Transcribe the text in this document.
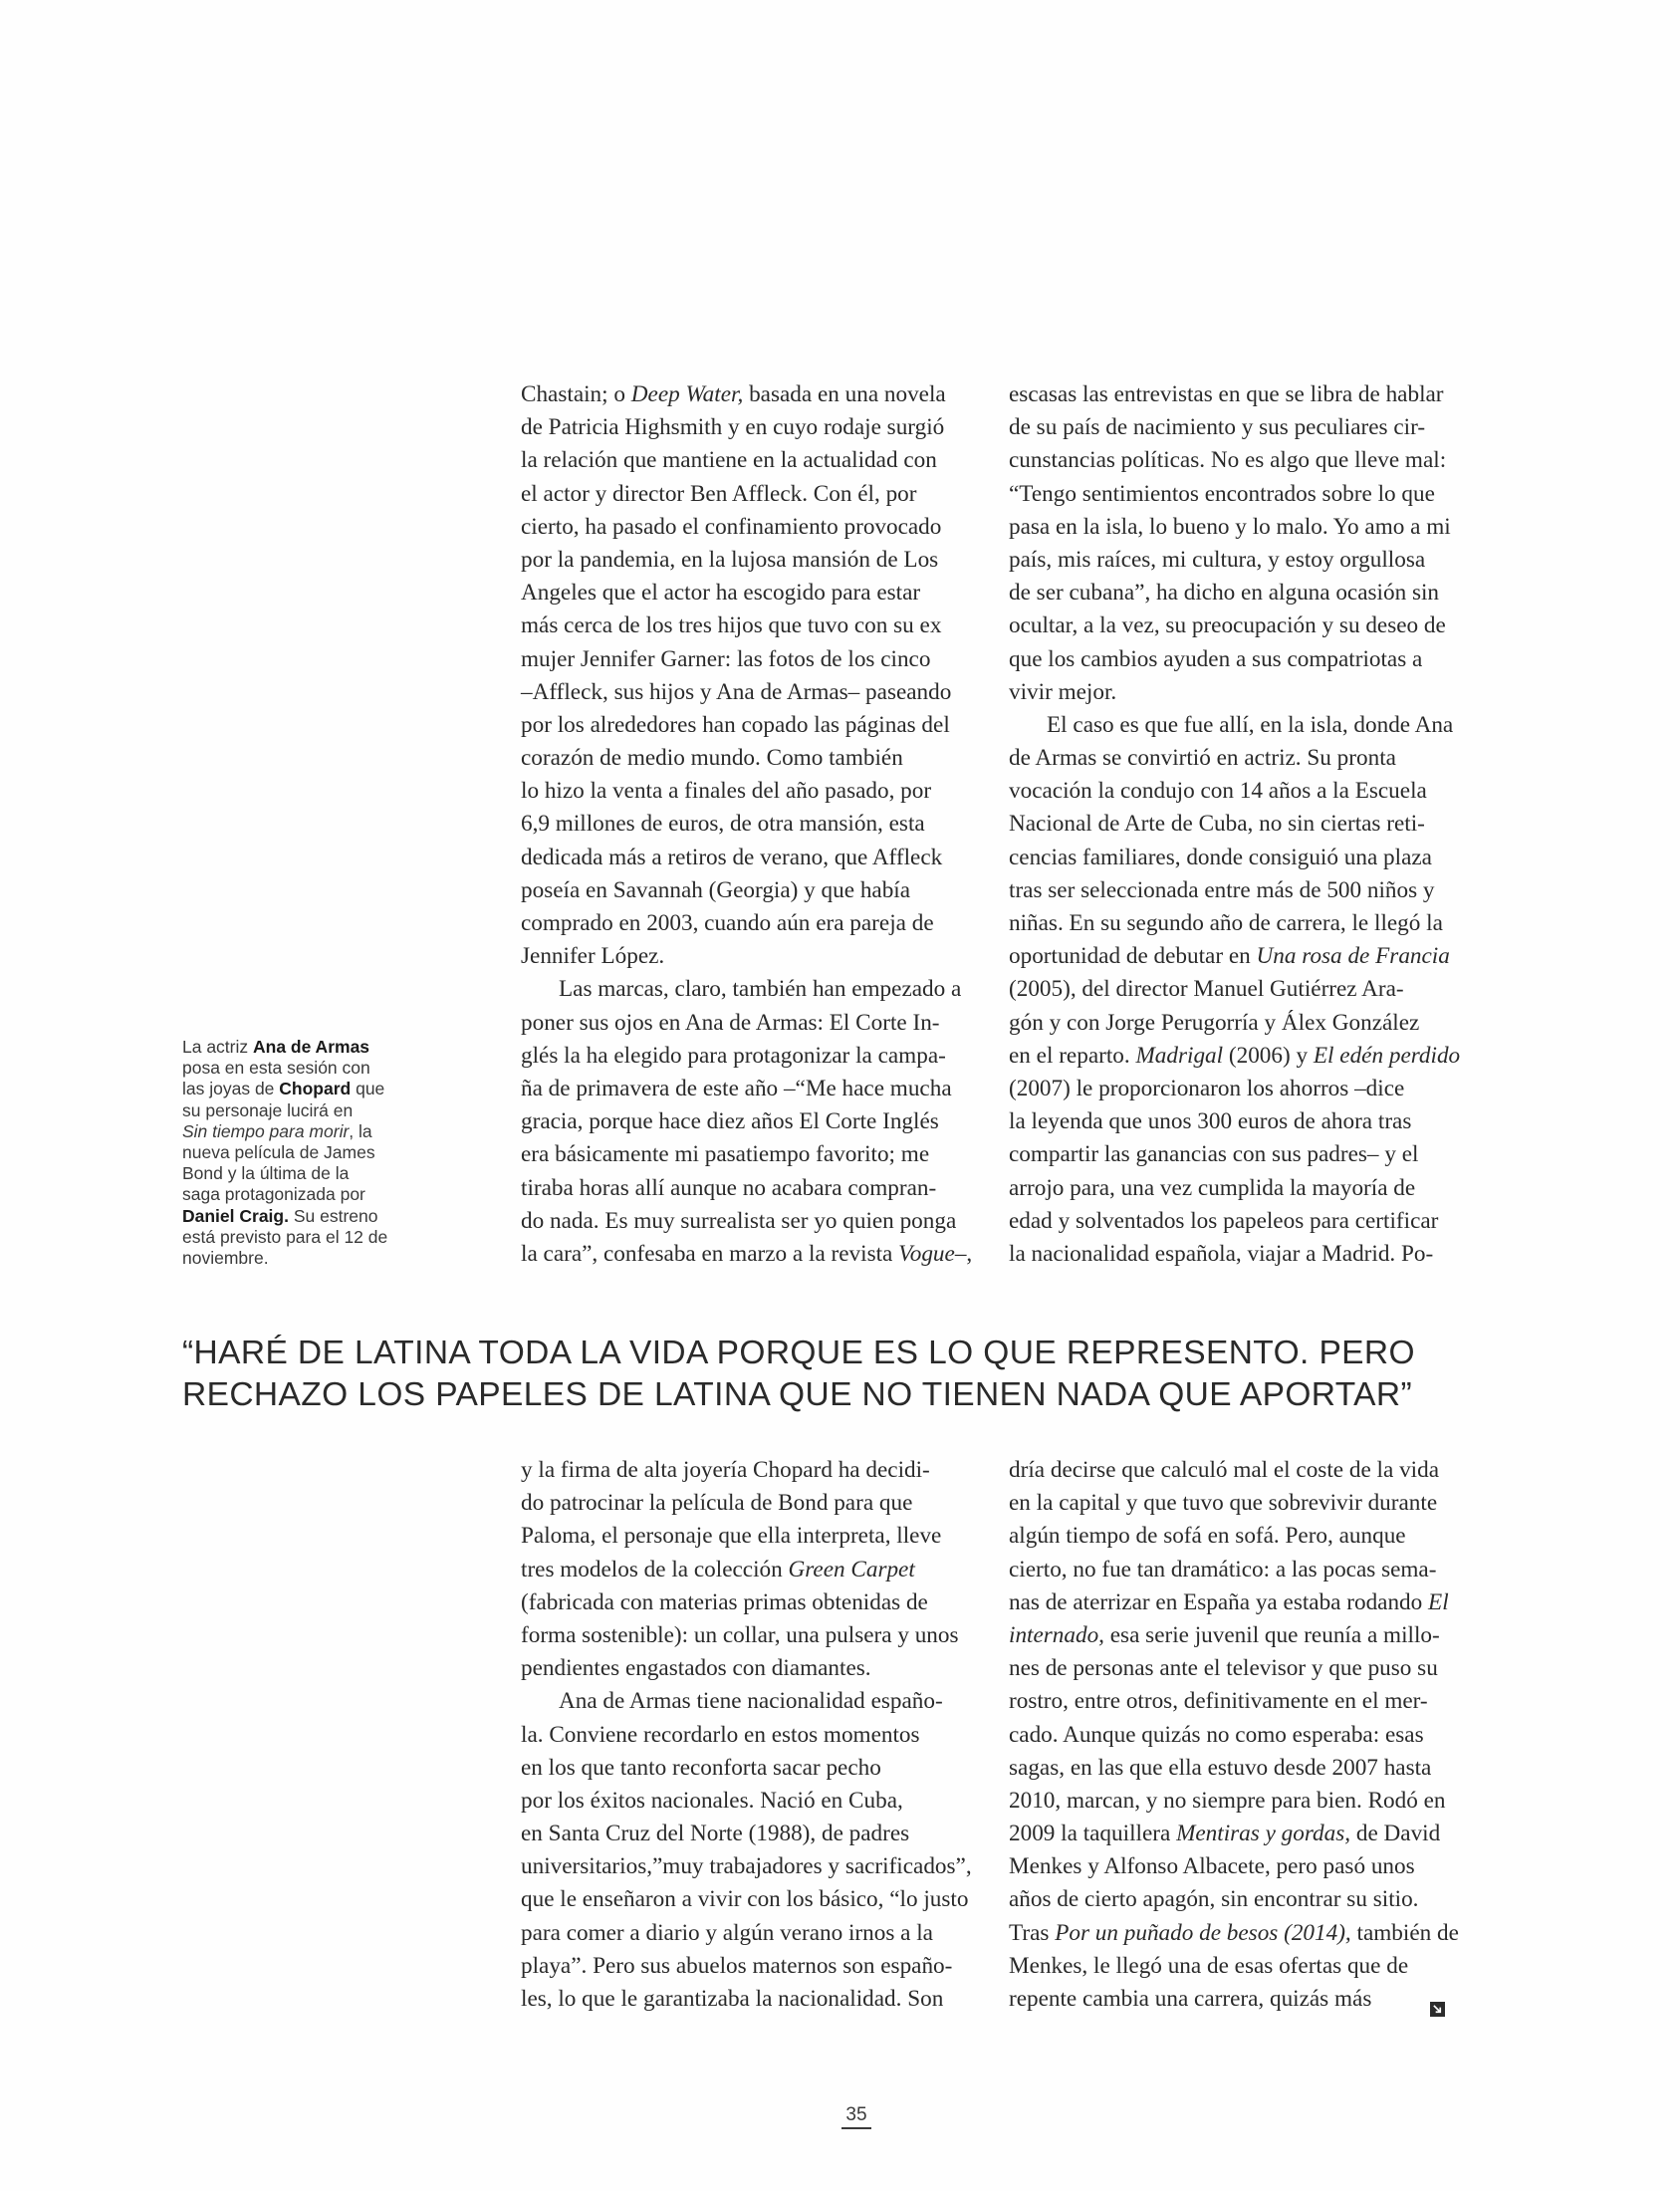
La actriz Ana de Armas
posa en esta sesión con
las joyas de Chopard que
su personaje lucirá en
Sin tiempo para morir, la
nueva película de James
Bond y la última de la
saga protagonizada por
Daniel Craig. Su estreno
está previsto para el 12 de
noviembre.
Chastain; o Deep Water, basada en una novela
de Patricia Highsmith y en cuyo rodaje surgió
la relación que mantiene en la actualidad con
el actor y director Ben Affleck. Con él, por
cierto, ha pasado el confinamiento provocado
por la pandemia, en la lujosa mansión de Los
Angeles que el actor ha escogido para estar
más cerca de los tres hijos que tuvo con su ex
mujer Jennifer Garner: las fotos de los cinco
–Affleck, sus hijos y Ana de Armas– paseando
por los alrededores han copado las páginas del
corazón de medio mundo. Como también
lo hizo la venta a finales del año pasado, por
6,9 millones de euros, de otra mansión, esta
dedicada más a retiros de verano, que Affleck
poseía en Savannah (Georgia) y que había
comprado en 2003, cuando aún era pareja de
Jennifer López.
Las marcas, claro, también han empezado a
poner sus ojos en Ana de Armas: El Corte In-
glés la ha elegido para protagonizar la campa-
ña de primavera de este año –“Me hace mucha
gracia, porque hace diez años El Corte Inglés
era básicamente mi pasatiempo favorito; me
tiraba horas allí aunque no acabara compran-
do nada. Es muy surrealista ser yo quien ponga
la cara”, confesaba en marzo a la revista Vogue–,
escasas las entrevistas en que se libra de hablar
de su país de nacimiento y sus peculiares cir-
cunstancias políticas. No es algo que lleve mal:
“Tengo sentimientos encontrados sobre lo que
pasa en la isla, lo bueno y lo malo. Yo amo a mi
país, mis raíces, mi cultura, y estoy orgullosa
de ser cubana”, ha dicho en alguna ocasión sin
ocultar, a la vez, su preocupación y su deseo de
que los cambios ayuden a sus compatriotas a
vivir mejor.
El caso es que fue allí, en la isla, donde Ana
de Armas se convirtió en actriz. Su pronta
vocación la condujo con 14 años a la Escuela
Nacional de Arte de Cuba, no sin ciertas reti-
cencias familiares, donde consiguió una plaza
tras ser seleccionada entre más de 500 niños y
niñas. En su segundo año de carrera, le llegó la
oportunidad de debutar en Una rosa de Francia
(2005), del director Manuel Gutiérrez Ara-
gón y con Jorge Perugorría y Álex González
en el reparto. Madrigal (2006) y El edén perdido
(2007) le proporcionaron los ahorros –dice
la leyenda que unos 300 euros de ahora tras
compartir las ganancias con sus padres– y el
arrojo para, una vez cumplida la mayoría de
edad y solventados los papeleos para certificar
la nacionalidad española, viajar a Madrid. Po-
“HARÉ DE LATINA TODA LA VIDA PORQUE ES LO QUE REPRESENTO. PERO
RECHAZO LOS PAPELES DE LATINA QUE NO TIENEN NADA QUE APORTAR”
y la firma de alta joyería Chopard ha decidi-
do patrocinar la película de Bond para que
Paloma, el personaje que ella interpreta, lleve
tres modelos de la colección Green Carpet
(fabricada con materias primas obtenidas de
forma sostenible): un collar, una pulsera y unos
pendientes engastados con diamantes.
Ana de Armas tiene nacionalidad españo-
la. Conviene recordarlo en estos momentos
en los que tanto reconforta sacar pecho
por los éxitos nacionales. Nació en Cuba,
en Santa Cruz del Norte (1988), de padres
universitarios,”muy trabajadores y sacrificados”,
que le enseñaron a vivir con los básico, “lo justo
para comer a diario y algún verano irnos a la
playa”. Pero sus abuelos maternos son españo-
les, lo que le garantizaba la nacionalidad. Son
dría decirse que calculó mal el coste de la vida
en la capital y que tuvo que sobrevivir durante
algún tiempo de sofá en sofá. Pero, aunque
cierto, no fue tan dramático: a las pocas sema-
nas de aterrizar en España ya estaba rodando El
internado, esa serie juvenil que reunía a millo-
nes de personas ante el televisor y que puso su
rostro, entre otros, definitivamente en el mer-
cado. Aunque quizás no como esperaba: esas
sagas, en las que ella estuvo desde 2007 hasta
2010, marcan, y no siempre para bien. Rodó en
2009 la taquillera Mentiras y gordas, de David
Menkes y Alfonso Albacete, pero pasó unos
años de cierto apagón, sin encontrar su sitio.
Tras Por un puñado de besos (2014), también de
Menkes, le llegó una de esas ofertas que de
repente cambia una carrera, quizás más
35
